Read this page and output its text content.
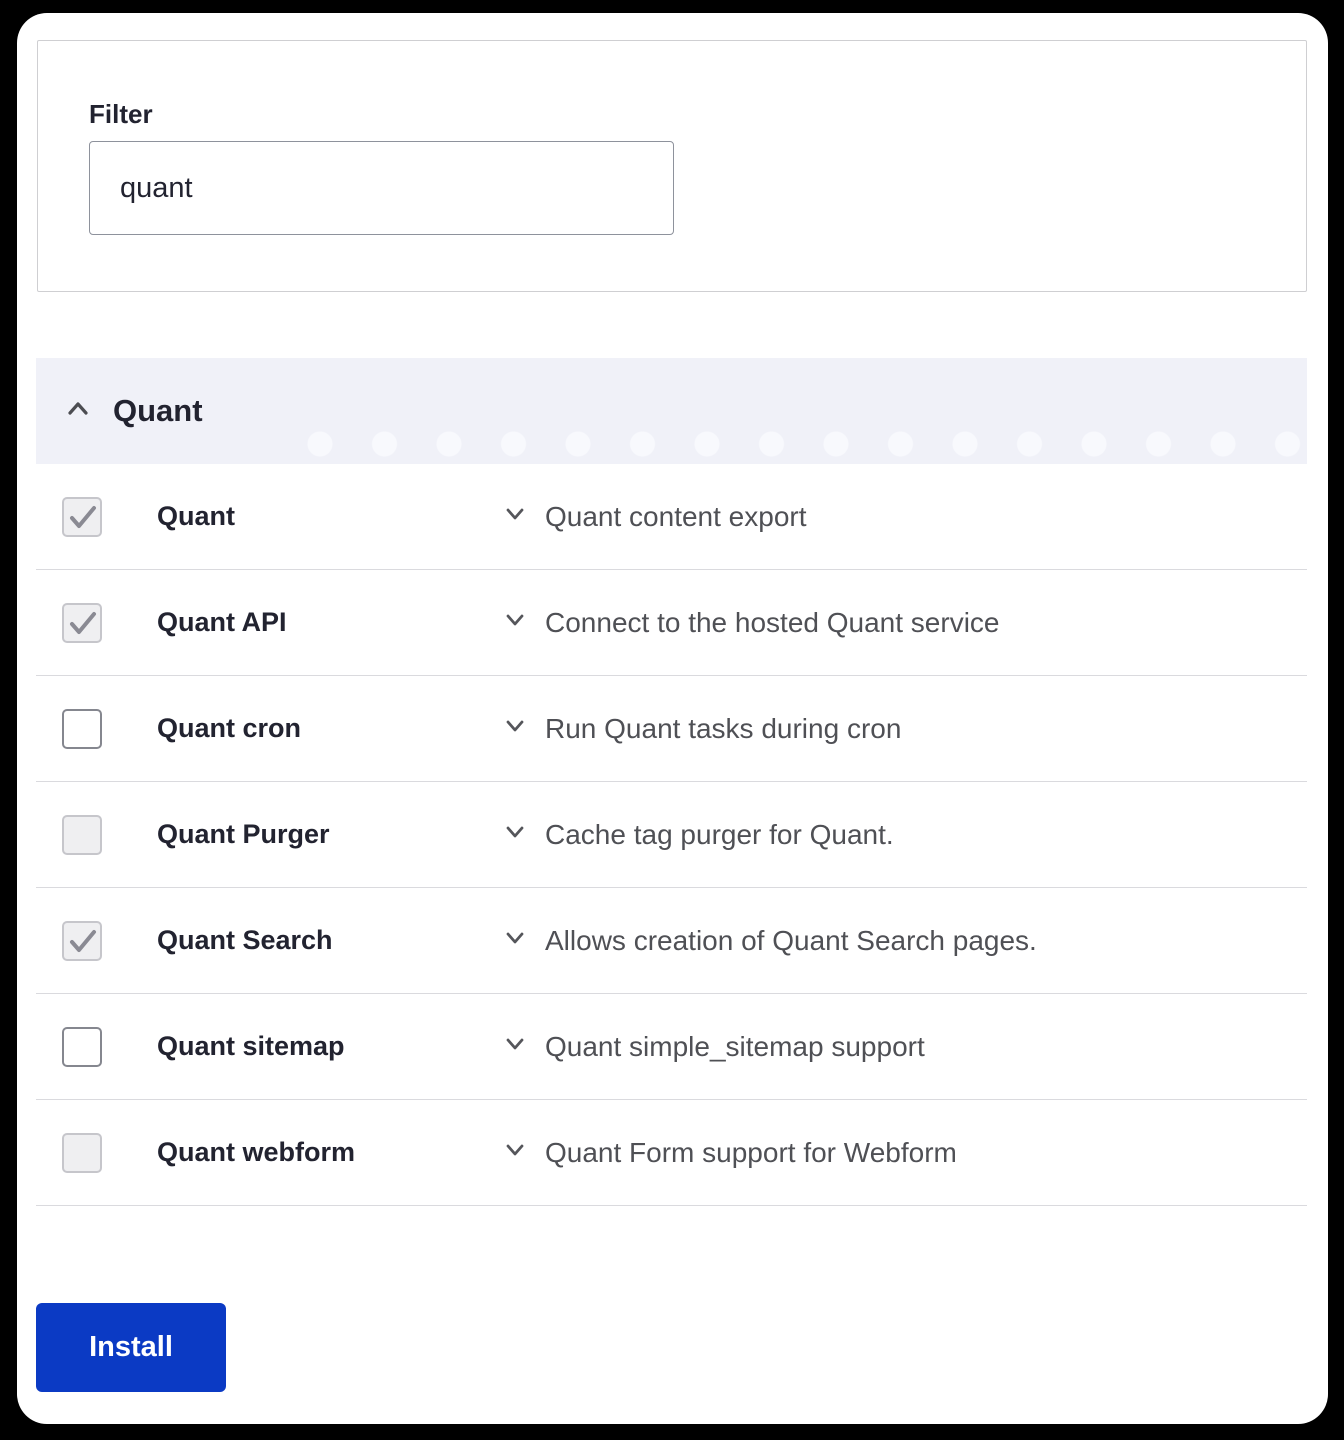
Filter
quant
Quant
Quant	Quant content export
Quant API	Connect to the hosted Quant service
Quant cron	Run Quant tasks during cron
Quant Purger	Cache tag purger for Quant.
Quant Search	Allows creation of Quant Search pages.
Quant sitemap	Quant simple_sitemap support
Quant webform	Quant Form support for Webform
Install
